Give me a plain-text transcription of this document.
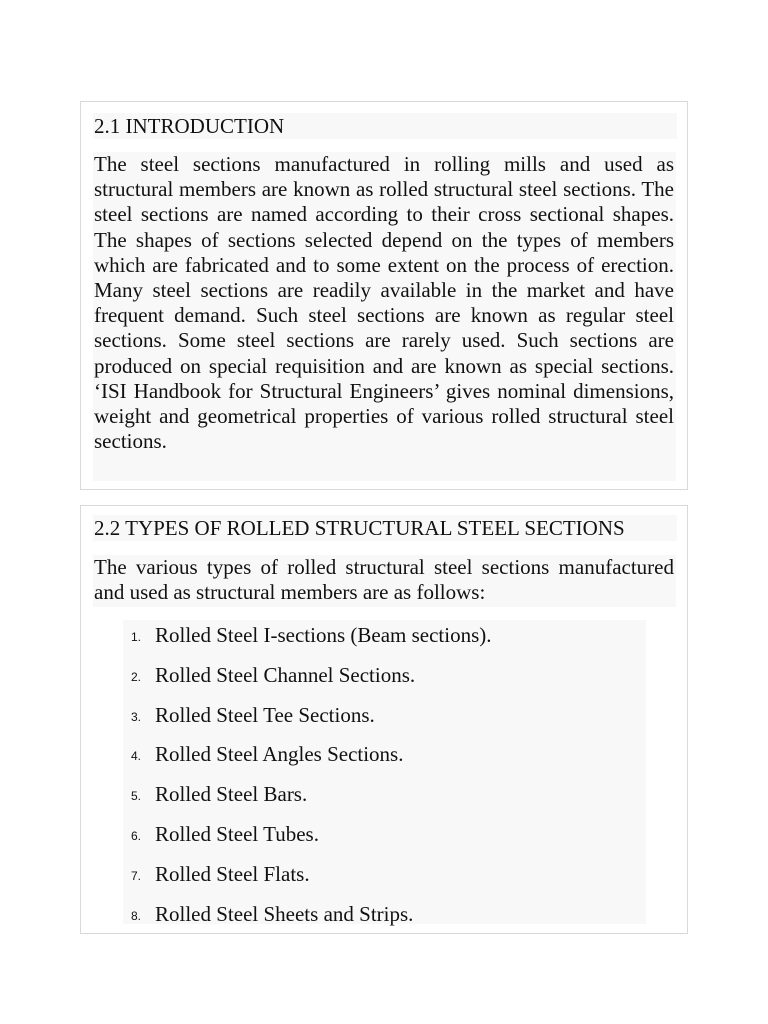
2.1 INTRODUCTION
The steel sections manufactured in rolling mills and used as structural members are known as rolled structural steel sections. The steel sections are named according to their cross sectional shapes. The shapes of sections selected depend on the types of members which are fabricated and to some extent on the process of erection. Many steel sections are readily available in the market and have frequent demand. Such steel sections are known as regular steel sections. Some steel sections are rarely used. Such sections are produced on special requisition and are known as special sections. ‘ISI Handbook for Structural Engineers’ gives nominal dimensions, weight and geometrical properties of various rolled structural steel sections.
2.2 TYPES OF ROLLED STRUCTURAL STEEL SECTIONS
The various types of rolled structural steel sections manufactured and used as structural members are as follows:
1. Rolled Steel I-sections (Beam sections).
2. Rolled Steel Channel Sections.
3. Rolled Steel Tee Sections.
4. Rolled Steel Angles Sections.
5. Rolled Steel Bars.
6. Rolled Steel Tubes.
7. Rolled Steel Flats.
8. Rolled Steel Sheets and Strips.
